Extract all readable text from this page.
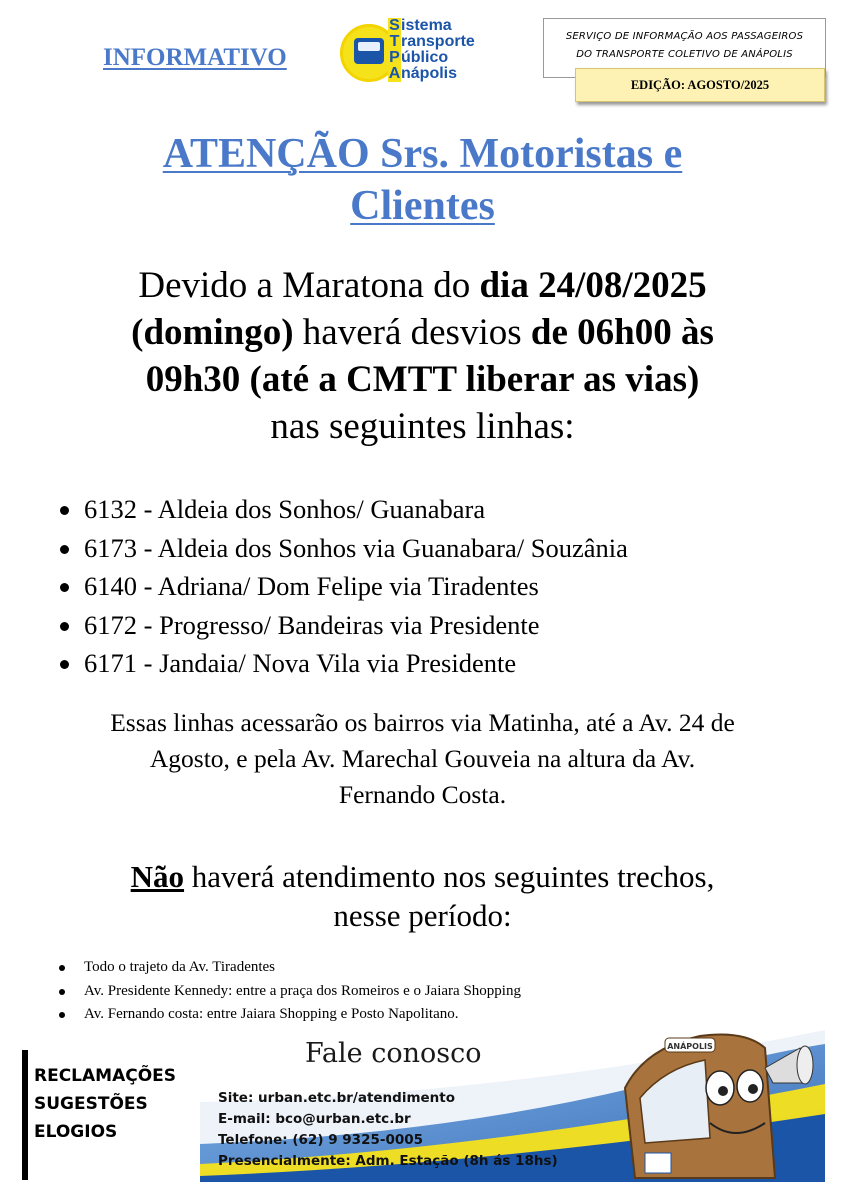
INFORMATIVO
Sistema
T ransporte
Público
Anápolis
SERVIÇO DE INFORMAÇÃO AOS PASSAGEIROS
DO TRANSPORTE COLETIVO DE ANÁPOLIS
EDIÇÃO: AGOSTO/2025
ATENÇÃO Srs. Motoristas e
Clientes
Devido a Maratona do dia 24/08/2025
(domingo) haverá desvios de 06h00 às
09h30 (até a CMTT liberar as vias)
nas seguintes linhas:
6132 - Aldeia dos Sonhos/ Guanabara
6173 - Aldeia dos Sonhos via Guanabara/ Souzânia
6140 - Adriana/ Dom Felipe via Tiradentes
6172 - Progresso/ Bandeiras via Presidente
6171 - Jandaia/ Nova Vila via Presidente
Essas linhas acessarão os bairros via Matinha, até a Av. 24 de
Agosto, e pela Av. Marechal Gouveia na altura da Av.
Fernando Costa.
Não haverá atendimento nos seguintes trechos,
nesse período:
Todo o trajeto da Av. Tiradentes
Av. Presidente Kennedy: entre a praça dos Romeiros e o Jaiara Shopping
Av. Fernando costa: entre Jaiara Shopping e Posto Napolitano.
RECLAMAÇÕES
SUGESTÕES
ELOGIOS
ANÁPOLIS
Fale conosco
Site: urban.etc.br/atendimento
E-mail: bco@urban.etc.br
Telefone: (62) 9 9325-0005
Presencialmente: Adm. Estação (8h ás 18hs)
